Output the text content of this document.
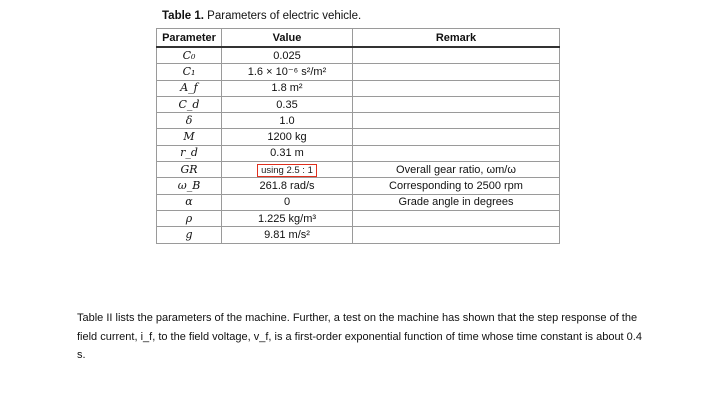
Table 1. Parameters of electric vehicle.
Parameter	Value	Remark
C₀	0.025	
C₁	1.6 × 10⁻⁶ s²/m²	
A_f	1.8 m²	
C_d	0.35	
δ	1.0	
M	1200 kg	
r_d	0.31 m	
GR	using 2.5 : 1	Overall gear ratio, ωm/ω
ω_B	261.8 rad/s	Corresponding to 2500 rpm
α	0	Grade angle in degrees
ρ	1.225 kg/m³	
g	9.81 m/s²	
Table II lists the parameters of the machine. Further, a test on the machine has shown that the step response of the field current, i_f, to the field voltage, v_f, is a first-order exponential function of time whose time constant is about 0.4 s.
